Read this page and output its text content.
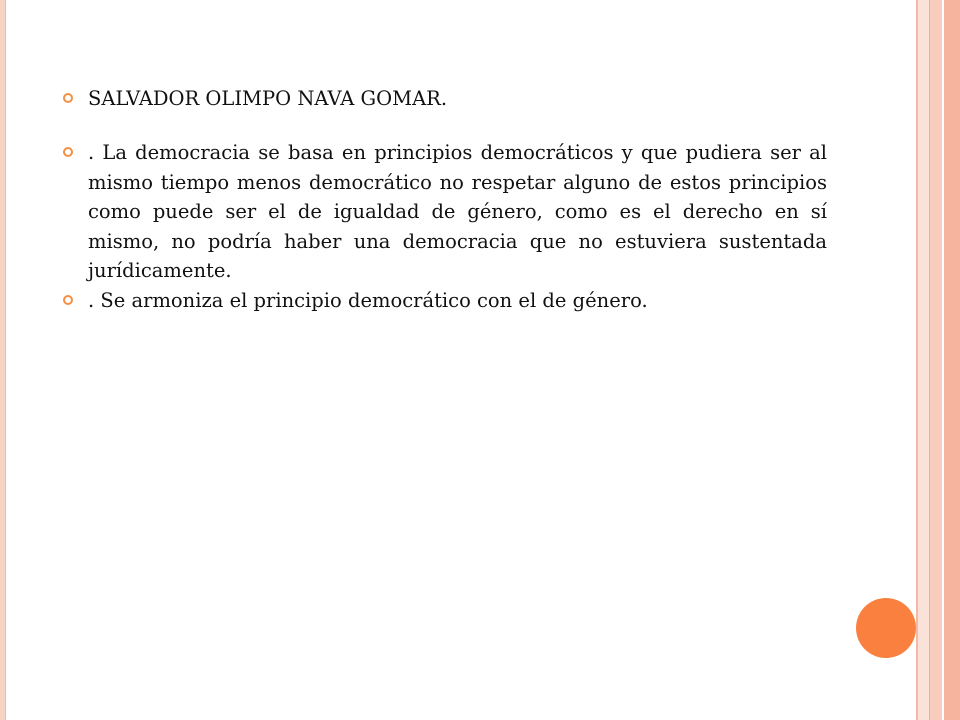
SALVADOR OLIMPO NAVA GOMAR.
. La democracia se basa en principios democráticos y que pudiera ser al mismo tiempo menos democrático no respetar alguno de estos principios como puede ser el de igualdad de género, como es el derecho en sí mismo, no podría haber una democracia que no estuviera sustentada jurídicamente.
. Se armoniza el principio democrático con el de género.
